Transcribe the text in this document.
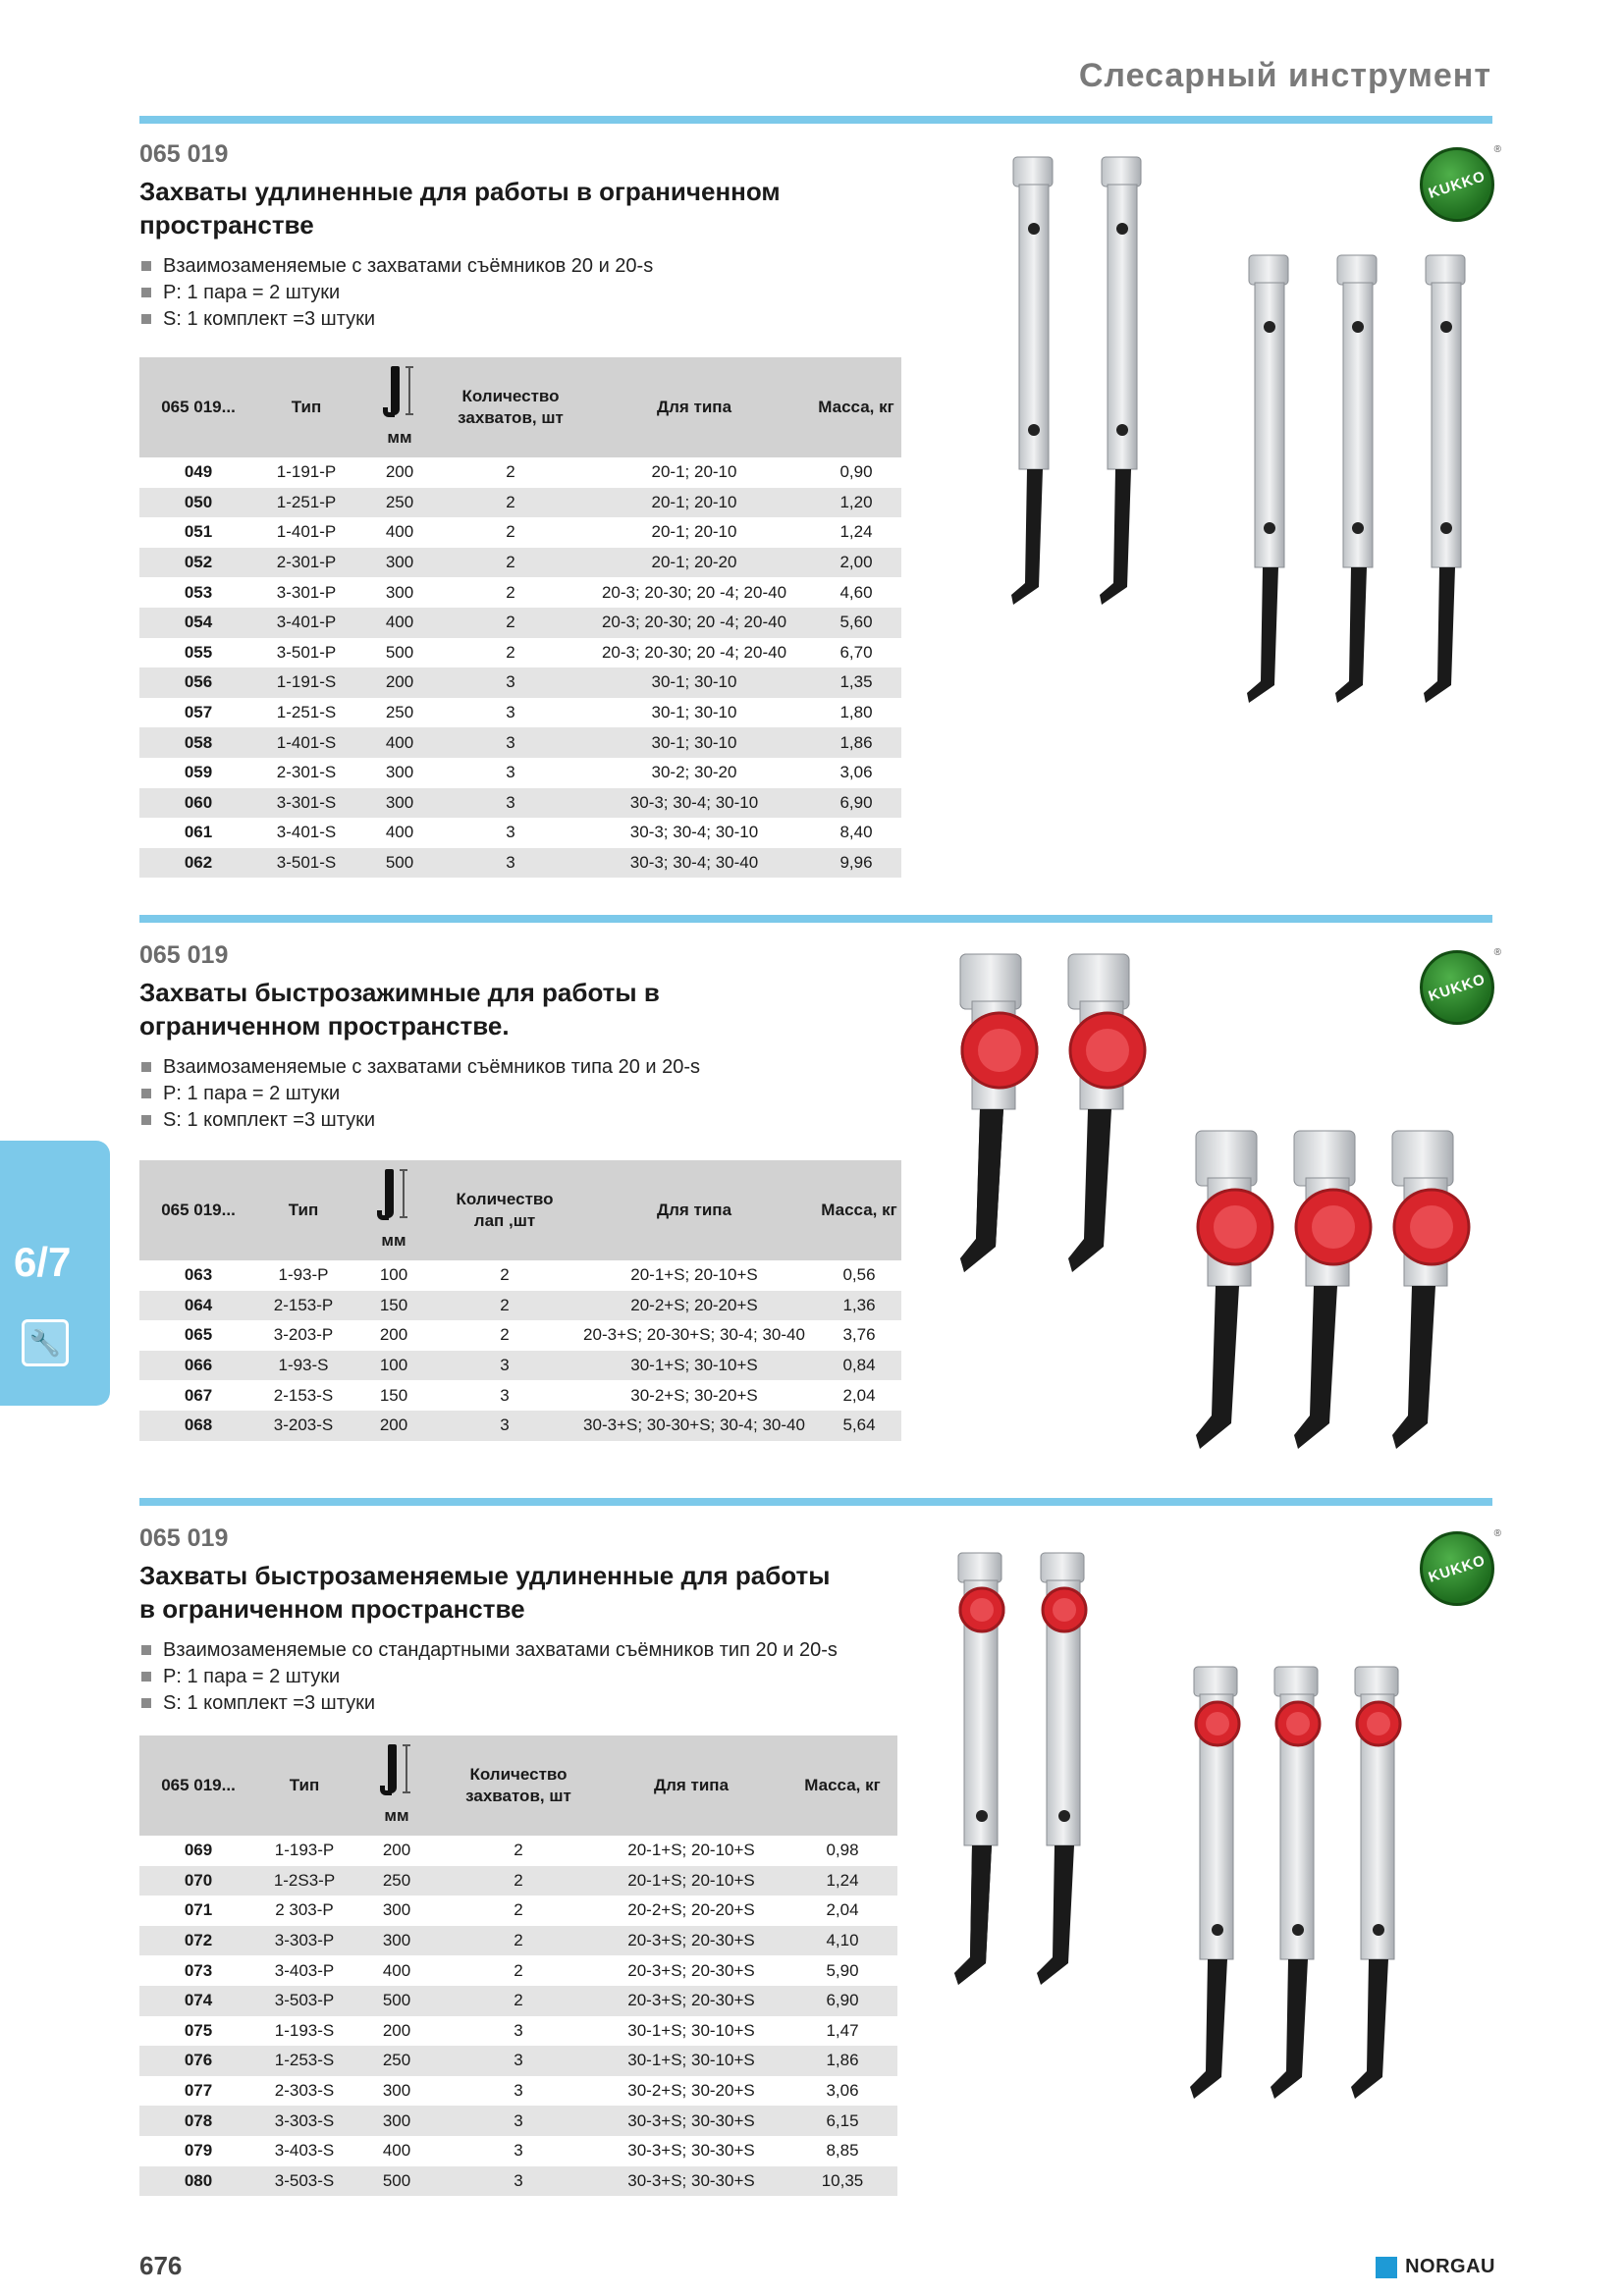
Слесарный инструмент
065 019
Захваты удлиненные для работы в ограниченном пространстве
Взаимозаменяемые с захватами съёмников 20 и 20-s
P: 1 пара = 2 штуки
S: 1 комплект =3 штуки
065 019...	Тип	мм	Количество захватов, шт	Для типа	Масса, кг
049	1-191-P	200	2	20-1; 20-10	0,90
050	1-251-P	250	2	20-1; 20-10	1,20
051	1-401-P	400	2	20-1; 20-10	1,24
052	2-301-P	300	2	20-1; 20-20	2,00
053	3-301-P	300	2	20-3; 20-30; 20 -4; 20-40	4,60
054	3-401-P	400	2	20-3; 20-30; 20 -4; 20-40	5,60
055	3-501-P	500	2	20-3; 20-30; 20 -4; 20-40	6,70
056	1-191-S	200	3	30-1; 30-10	1,35
057	1-251-S	250	3	30-1; 30-10	1,80
058	1-401-S	400	3	30-1; 30-10	1,86
059	2-301-S	300	3	30-2; 30-20	3,06
060	3-301-S	300	3	30-3; 30-4; 30-10	6,90
061	3-401-S	400	3	30-3; 30-4; 30-10	8,40
062	3-501-S	500	3	30-3; 30-4; 30-40	9,96
KUKKO
®
065 019
Захваты быстрозажимные для работы в ограниченном пространстве.
Взаимозаменяемые с захватами съёмников типа 20 и 20-s
P: 1 пара = 2 штуки
S: 1 комплект =3 штуки
065 019...	Тип	мм	Количество лап ,шт	Для типа	Масса, кг
063	1-93-P	100	2	20-1+S; 20-10+S	0,56
064	2-153-P	150	2	20-2+S; 20-20+S	1,36
065	3-203-P	200	2	20-3+S; 20-30+S; 30-4; 30-40	3,76
066	1-93-S	100	3	30-1+S; 30-10+S	0,84
067	2-153-S	150	3	30-2+S; 30-20+S	2,04
068	3-203-S	200	3	30-3+S; 30-30+S; 30-4; 30-40	5,64
KUKKO
®
065 019
Захваты быстрозаменяемые удлиненные для работы в ограниченном пространстве
Взаимозаменяемые со стандартными захватами съёмников тип 20 и 20-s
P: 1 пара = 2 штуки
S: 1 комплект =3 штуки
065 019...	Тип	мм	Количество захватов, шт	Для типа	Масса, кг
069	1-193-P	200	2	20-1+S; 20-10+S	0,98
070	1-2S3-P	250	2	20-1+S; 20-10+S	1,24
071	2 303-P	300	2	20-2+S; 20-20+S	2,04
072	3-303-P	300	2	20-3+S; 20-30+S	4,10
073	3-403-P	400	2	20-3+S; 20-30+S	5,90
074	3-503-P	500	2	20-3+S; 20-30+S	6,90
075	1-193-S	200	3	30-1+S; 30-10+S	1,47
076	1-253-S	250	3	30-1+S; 30-10+S	1,86
077	2-303-S	300	3	30-2+S; 30-20+S	3,06
078	3-303-S	300	3	30-3+S; 30-30+S	6,15
079	3-403-S	400	3	30-3+S; 30-30+S	8,85
080	3-503-S	500	3	30-3+S; 30-30+S	10,35
KUKKO
®
6/7
🔧
676	NORGAU
